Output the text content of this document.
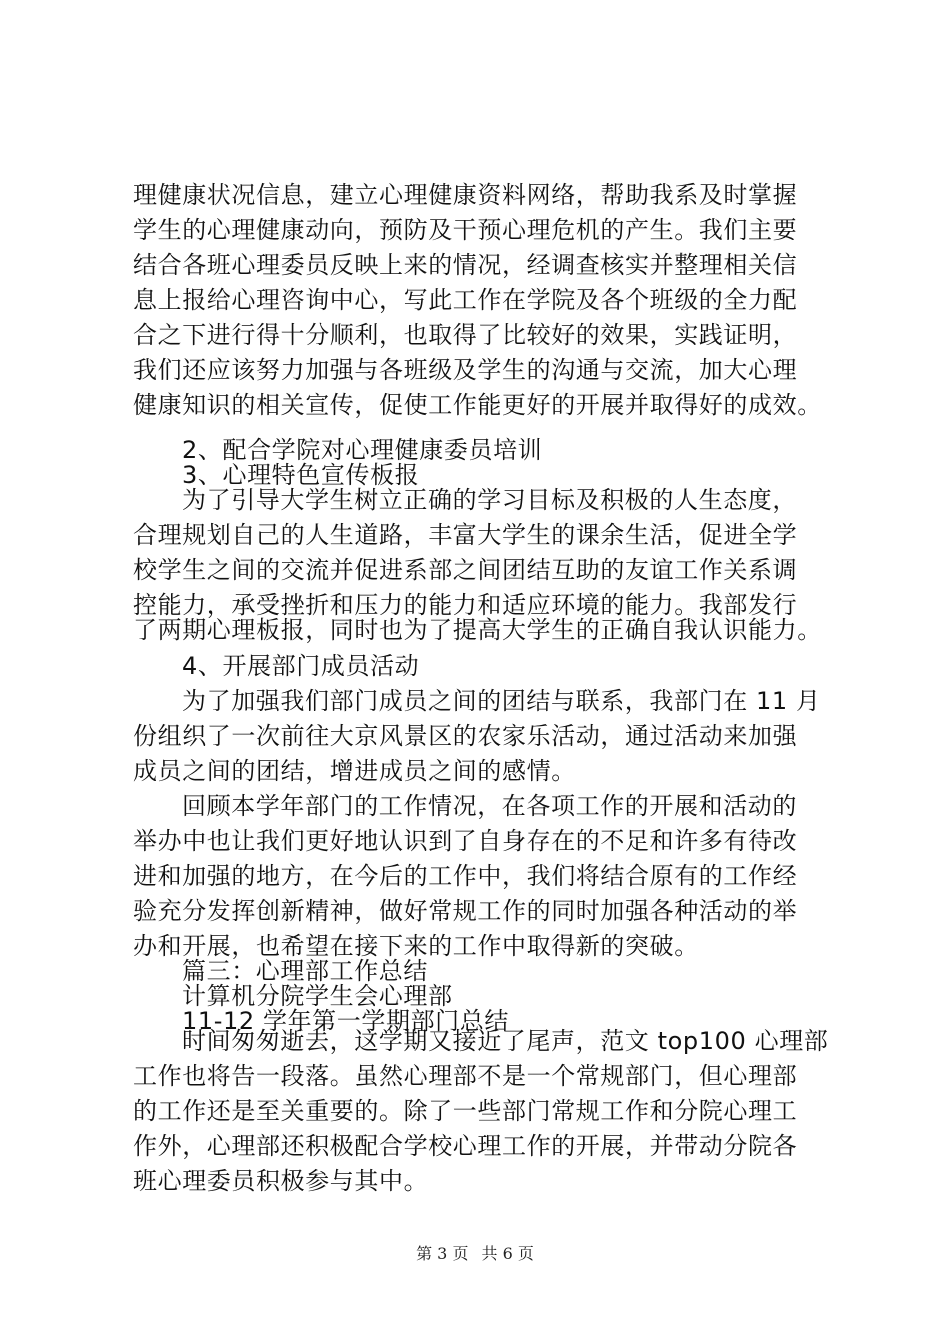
理健康状况信息，建立心理健康资料网络，帮助我系及时掌握
学生的心理健康动向，预防及干预心理危机的产生。我们主要
结合各班心理委员反映上来的情况，经调查核实并整理相关信
息上报给心理咨询中心，写此工作在学院及各个班级的全力配
合之下进行得十分顺利，也取得了比较好的效果，实践证明，
我们还应该努力加强与各班级及学生的沟通与交流，加大心理
健康知识的相关宣传，促使工作能更好的开展并取得好的成效。
2、配合学院对心理健康委员培训
3、心理特色宣传板报
为了引导大学生树立正确的学习目标及积极的人生态度，
合理规划自己的人生道路，丰富大学生的课余生活，促进全学
校学生之间的交流并促进系部之间团结互助的友谊工作关系调
控能力，承受挫折和压力的能力和适应环境的能力。我部发行
了两期心理板报，同时也为了提高大学生的正确自我认识能力。
4、开展部门成员活动
为了加强我们部门成员之间的团结与联系，我部门在 11 月
份组织了一次前往大京风景区的农家乐活动，通过活动来加强
成员之间的团结，增进成员之间的感情。
回顾本学年部门的工作情况，在各项工作的开展和活动的
举办中也让我们更好地认识到了自身存在的不足和许多有待改
进和加强的地方，在今后的工作中，我们将结合原有的工作经
验充分发挥创新精神，做好常规工作的同时加强各种活动的举
办和开展，也希望在接下来的工作中取得新的突破。
篇三：心理部工作总结
计算机分院学生会心理部
11-12 学年第一学期部门总结
时间匆匆逝去，这学期又接近了尾声，范文 top100 心理部
工作也将告一段落。虽然心理部不是一个常规部门，但心理部
的工作还是至关重要的。除了一些部门常规工作和分院心理工
作外，心理部还积极配合学校心理工作的开展，并带动分院各
班心理委员积极参与其中。
第 3 页 共 6 页
